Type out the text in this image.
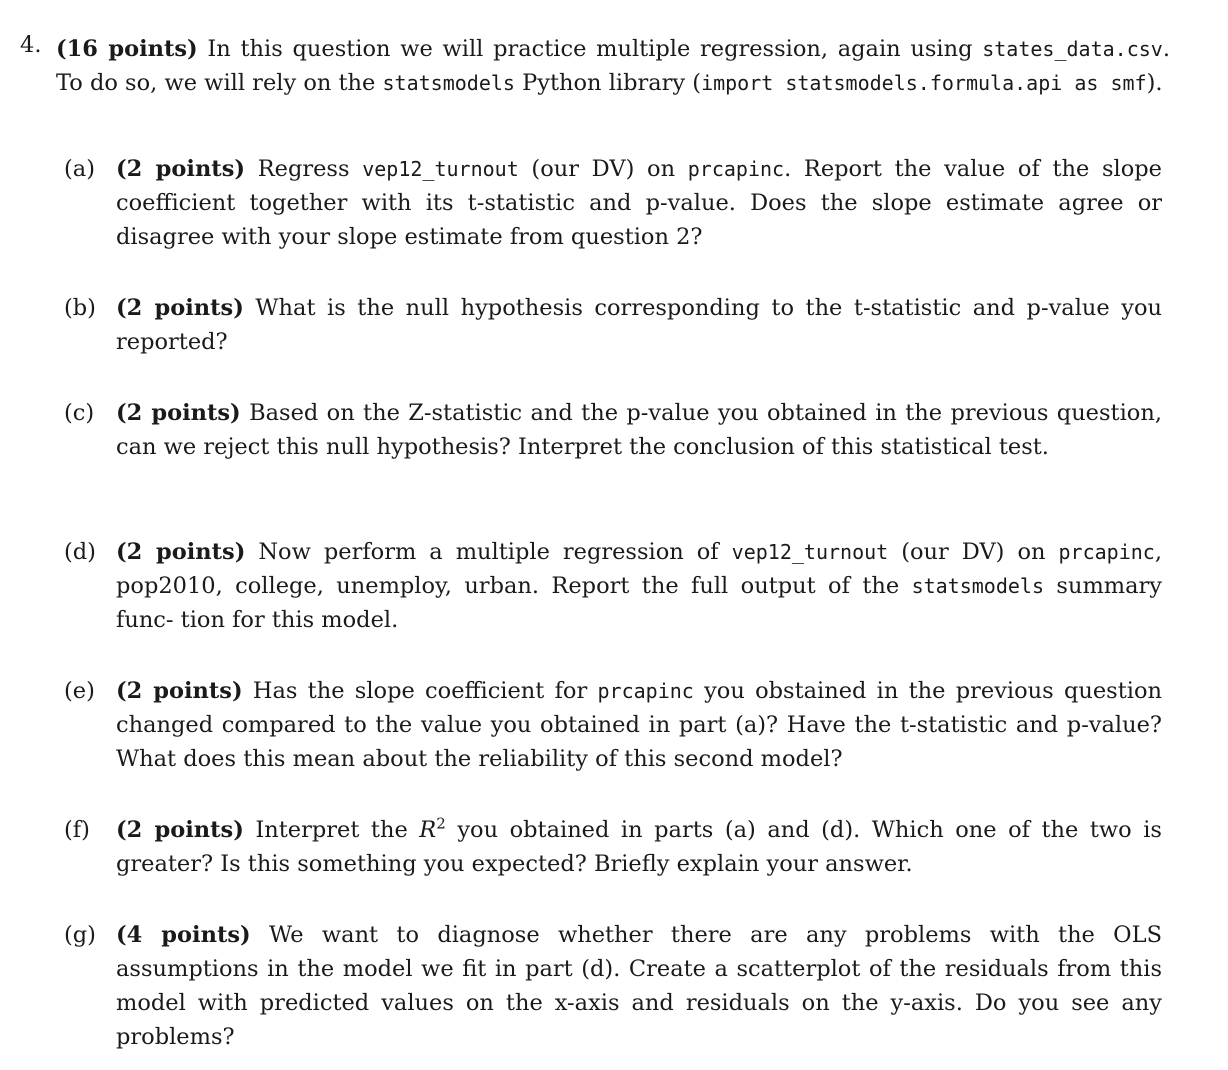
4. (16 points) In this question we will practice multiple regression, again using states_data.csv. To do so, we will rely on the statsmodels Python library (import statsmodels.formula.api as smf).
(a) (2 points) Regress vep12_turnout (our DV) on prcapinc. Report the value of the slope coefficient together with its t-statistic and p-value. Does the slope estimate agree or disagree with your slope estimate from question 2?
(b) (2 points) What is the null hypothesis corresponding to the t-statistic and p-value you reported?
(c) (2 points) Based on the Z-statistic and the p-value you obtained in the previous question, can we reject this null hypothesis? Interpret the conclusion of this statistical test.
(d) (2 points) Now perform a multiple regression of vep12_turnout (our DV) on prcapinc, pop2010, college, unemploy, urban. Report the full output of the statsmodels summary func- tion for this model.
(e) (2 points) Has the slope coefficient for prcapinc you obstained in the previous question changed compared to the value you obtained in part (a)? Have the t-statistic and p-value? What does this mean about the reliability of this second model?
(f)	(2 points) Interpret the $R^2$ you obtained in parts (a) and (d). Which one of the two is greater? Is this something you expected? Briefly explain your answer.
(g) (4 points) We want to diagnose whether there are any problems with the OLS assumptions in the model we fit in part (d). Create a scatterplot of the residuals from this model with predicted values on the x-axis and residuals on the y-axis. Do you see any problems?
